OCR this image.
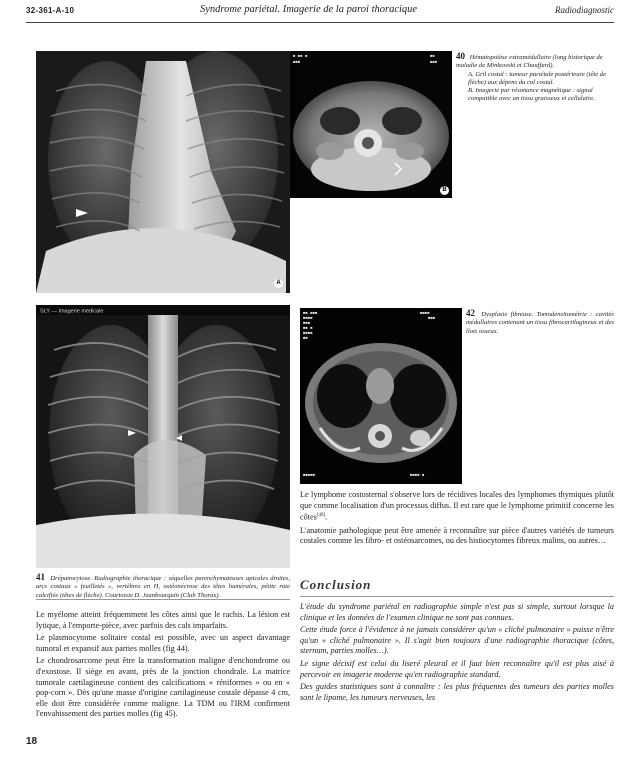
32-361-A-10	Syndrome pariétal. Imagerie de la paroi thoracique	Radiodiagnostic
A
■ ■■ ■
■■■
■■
■■■
B
40 Hématopoïèse extramédullaire (long historique de maladie de Minkowski et Chauffard).
A. Gril costal : tumeur pariétale postérieure (tête de flèche) aux dépens du col costal.
B. Imagerie par résonance magnétique : signal compatible avec un tissu graisseux et cellulaire.
SLY — Imagerie medicale
41 Drépanocytose. Radiographie thoracique : séquelles parenchymateuses apicales droites, arcs costaux « feuilletés », vertèbres en H, ostéonécrose des têtes humérales, pétite rate calcifiée (têtes de flèche). Courtoisie D. Jeanbourquin (Club Thorax).
■■ ■■■
■■■■
■■■
■■ ■
■■■■
■■
■■■■
■■■
■■■■■	■■■■ ■
42 Dysplasie fibreuse. Tomodensitométrie : cavités médullaires contenant un tissu fibrocartilagineux et des îlots osseux.

Le myélome atteint fréquemment les côtes ainsi que le rachis. La lésion est lytique, à l'emporte-pièce, avec parfois des cals imparfaits.

Le plasmocytome solitaire costal est possible, avec un aspect davantage tumoral et expansif aux parties molles (fig 44).

Le chondrosarcome peut être la transformation maligne d'enchondrome ou d'exostose. Il siège en avant, près de la jonction chondrale. La matrice tumorale cartilagineuse contient des calcifications « réniformes » ou en « pop-corn ». Dès qu'une masse d'origine cartilagineuse costale dépasse 4 cm, elle doit être considérée comme maligne. La TDM ou l'IRM confirment l'envahissement des parties molles (fig 45).

Le lymphome costosternal s'observe lors de récidives locales des lymphomes thymiques plutôt que comme localisation d'un processus diffus. Il est rare que le lymphome primitif concerne les côtes[49].

L'anatomie pathologique peut être amenée à reconnaître sur pièce d'autres variétés de tumeurs costales comme les fibro- et ostéosarcomes, ou des histiocytomes fibreux malins, ou autres…

Conclusion

L'étude du syndrome pariétal en radiographie simple n'est pas si simple, surtout lorsque la clinique et les données de l'examen clinique ne sont pas connues.

Cette étude force à l'évidence à ne jamais considérer qu'un « cliché pulmonaire » puisse n'être qu'un « cliché pulmonaire ». Il s'agit bien toujours d'une radiographie thoracique (côtes, sternum, parties molles…).

Le signe décisif est celui du liseré pleural et il faut bien reconnaître qu'il est plus aisé à percevoir en imagerie moderne qu'en radiographie standard.

Des guides statistiques sont à connaître : les plus fréquentes des tumeurs des parties molles sont le lipome, les tumeurs nerveuses, les

18
